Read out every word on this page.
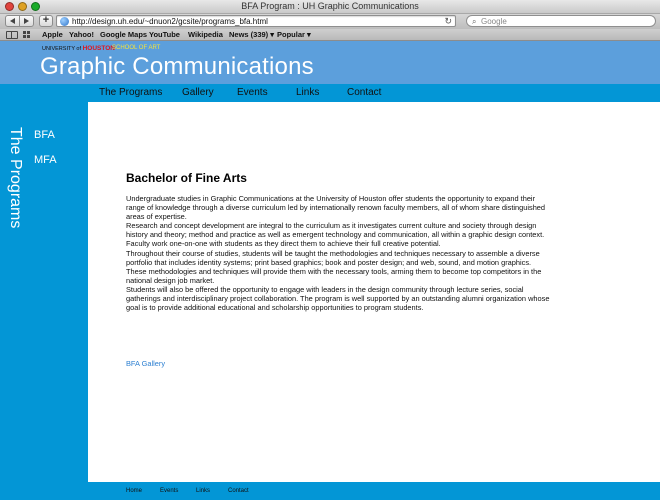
BFA Program : UH Graphic Communications
+	http://design.uh.edu/~dnuon2/gcsite/programs_bfa.html	↻	⌕ Google
Apple Yahoo! Google Maps YouTube Wikipedia News (339) ▾ Popular ▾
UNIVERSITY of HOUSTON
SCHOOL OF ART
Graphic Communications
The Programs Gallery Events	Links	Contact
The Programs BFA
MFA
Bachelor of Fine Arts

Undergraduate studies in Graphic Communications at the University of Houston offer students the opportunity to expand their range of knowledge through a diverse curriculum led by internationally renown faculty members, all of whom share distinguished areas of expertise.

Research and concept development are integral to the curriculum as it investigates current culture and society through design history and theory; method and practice as well as emergent technology and communication, all within a graphic design context. Faculty work one-on-one with students as they direct them to achieve their full creative potential.

Throughout their course of studies, students will be taught the methodologies and techniques necessary to assemble a diverse portfolio that includes identity systems; print based graphics; book and poster design; and web, sound, and motion graphics. These methodologies and techniques will provide them with the necessary tools, arming them to become top competitors in the national design job market.

Students will also be offered the opportunity to engage with leaders in the design community through lecture series, social gatherings and interdisciplinary project collaboration. The program is well supported by an outstanding alumni organization whose goal is to provide additional educational and scholarship opportunities to program students.

BFA Gallery
Home	Events	Links	Contact
